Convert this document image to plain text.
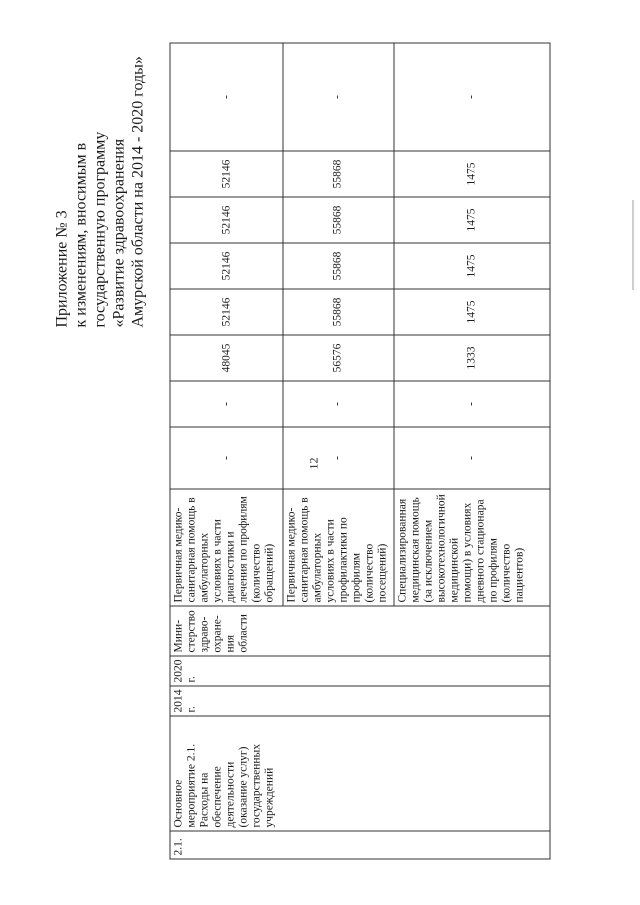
12
Приложение № 3 к изменениям, вносимым в государственную программу «Развитие здравоохранения Амурской области на 2014 - 2020 годы»
2.1.	Основное мероприятие 2.1. Расходы на обеспечение деятельности (оказание услуг) государственных учреждений	2014 г.	2020 г.	Мини-стерство здраво-охране-ния области	Первичная медико-санитарная помощь в амбулаторных условиях в части диагностики и лечения по профилям (количество обращений)	-	-	48045	52146	52146	52146	52146	-
					Первичная медико-санитарная помощь в амбулаторных условиях в части профилактики по профилям (количество посещений)	-	-	56576	55868	55868	55868	55868	-
					Специализированная медицинская помощь (за исключением высокотехнологичной медицинской помощи) в условиях дневного стационара по профилям (количество пациентов)	-	-	1333	1475	1475	1475	1475	-
